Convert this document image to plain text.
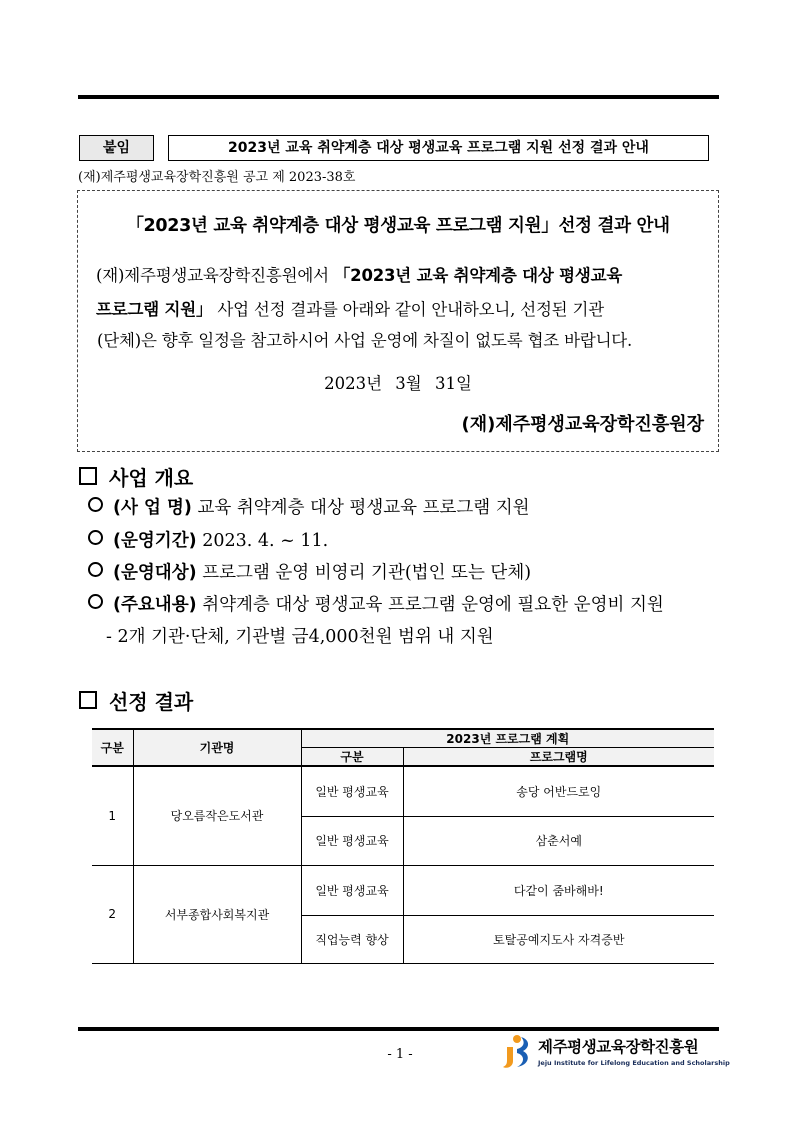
붙임	2023년 교육 취약계층 대상 평생교육 프로그램 지원 선정 결과 안내
(재)제주평생교육장학진흥원 공고 제 2023-38호
「2023년 교육 취약계층 대상 평생교육 프로그램 지원」선정 결과 안내
(재)제주평생교육장학진흥원에서 「2023년 교육 취약계층 대상 평생교육
프로그램 지원」 사업 선정 결과를 아래와 같이 안내하오니, 선정된 기관
(단체)은 향후 일정을 참고하시어 사업 운영에 차질이 없도록 협조 바랍니다.
2023년 3월 31일
(재)제주평생교육장학진흥원장
사업 개요
(사 업 명) 교육 취약계층 대상 평생교육 프로그램 지원
(운영기간) 2023. 4. ~ 11.
(운영대상) 프로그램 운영 비영리 기관(법인 또는 단체)
(주요내용) 취약계층 대상 평생교육 프로그램 운영에 필요한 운영비 지원
- 2개 기관·단체, 기관별 금4,000천원 범위 내 지원
선정 결과
구분	기관명	2023년 프로그램 계획	
		구분	프로그램명
1	당오름작은도서관	일반 평생교육	송당 어반드로잉
		일반 평생교육	삼춘서예
2	서부종합사회복지관	일반 평생교육	다같이 줌바해바!
		직업능력 향상	토탈공예지도사 자격증반
- 1 -	제주평생교육장학진흥원
Jeju Institute for Lifelong Education and Scholarship
